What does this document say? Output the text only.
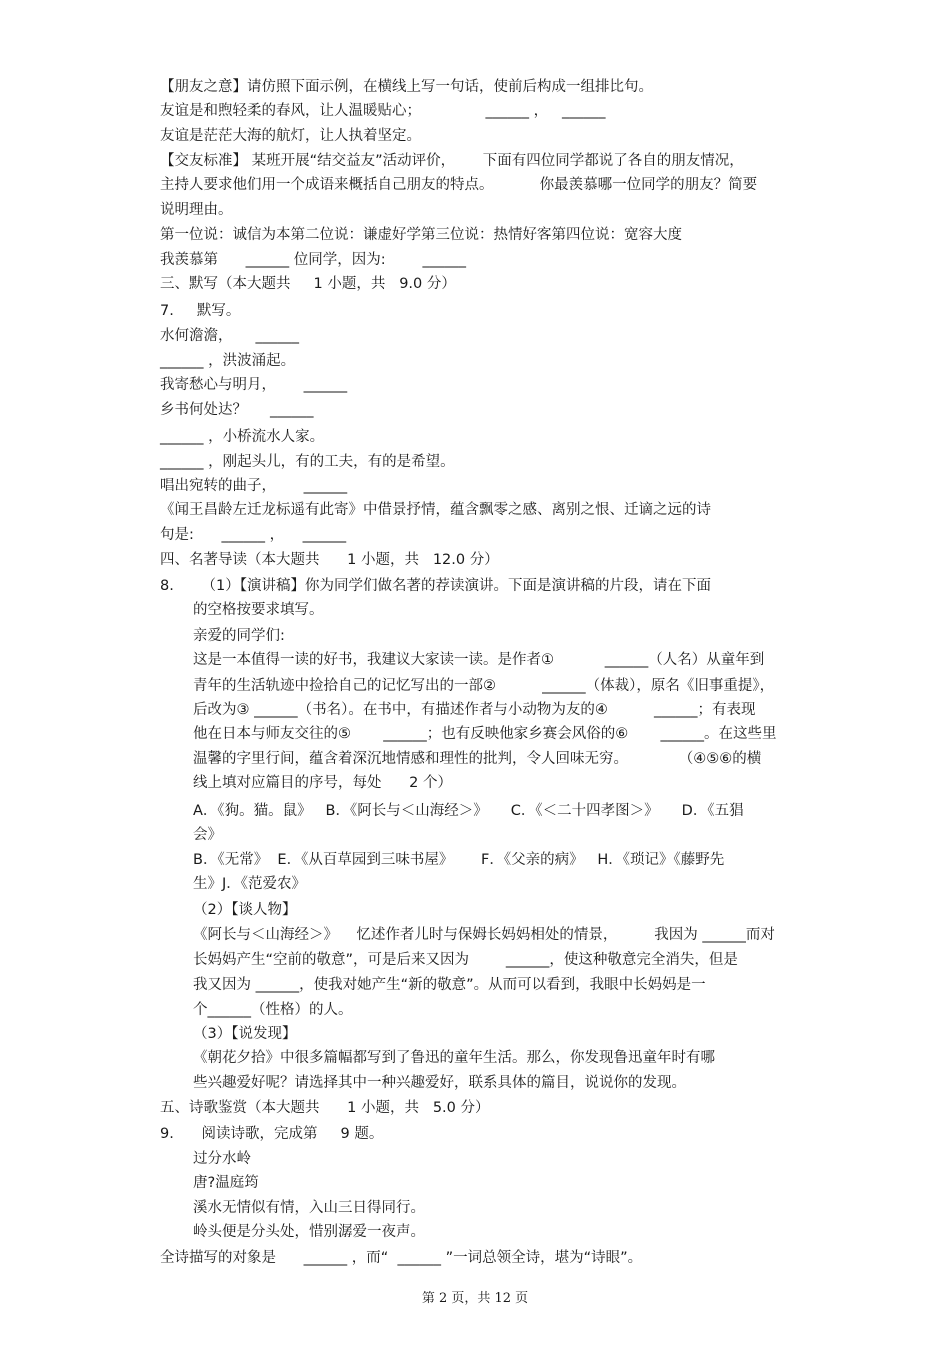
【朋友之意】请仿照下面示例，在横线上写一句话，使前后构成一组排比句。
友谊是和煦轻柔的春风，让人温暖贴心；              ______ ，   ______
友谊是茫茫大海的航灯，让人执着坚定。
【交友标准】 某班开展“结交益友”活动评价，      下面有四位同学都说了各自的朋友情况，
主持人要求他们用一个成语来概括自己朋友的特点。          你最羡慕哪一位同学的朋友？简要
说明理由。
第一位说：诚信为本第二位说：谦虚好学第三位说：热情好客第四位说：宽容大度
我羡慕第      ______ 位同学，因为:        ______
三、默写（本大题共     1 小题，共   9.0 分）
7.     默写。
水何澹澹，     ______
______ ，洪波涌起。
我寄愁心与明月，      ______
乡书何处达？     ______
______ ，小桥流水人家。
______ ，刚起头儿，有的工夫，有的是希望。
唱出宛转的曲子，      ______
《闻王昌龄左迁龙标遥有此寄》中借景抒情，蕴含飘零之感、离别之恨、迁谪之远的诗
句是:      ______ ，    ______
四、名著导读（本大题共      1 小题，共   12.0 分）
8.      （1）【演讲稿】你为同学们做名著的荐读演讲。下面是演讲稿的片段，请在下面
的空格按要求填写。
亲爱的同学们:
这是一本值得一读的好书，我建议大家读一读。是作者①           ______（人名）从童年到
青年的生活轨迹中捡拾自己的记忆写出的一部②          ______（体裁），原名《旧事重提》，
后改为③ ______（书名）。在书中，有描述作者与小动物为友的④          ______；有表现
他在日本与师友交往的⑤       ______；也有反映他家乡赛会风俗的⑥       ______。在这些里
温馨的字里行间，蕴含着深沉地情感和理性的批判，令人回味无穷。           （④⑤⑥的横
线上填对应篇目的序号，每处      2 个）
A．《狗。猫。鼠》   B．《阿长与＜山海经＞》     C．《＜二十四孝图＞》     D．《五猖
会》
B．《无常》  E．《从百草园到三味书屋》      F．《父亲的病》   H．《琐记》《藤野先
生》J．《范爱农》
（2）【谈人物】
《阿长与＜山海经＞》    忆述作者儿时与保姆长妈妈相处的情景，        我因为 ______而对
长妈妈产生“空前的敬意”，可是后来又因为        ______，使这种敬意完全消失，但是
我又因为 ______，使我对她产生“新的敬意”。从而可以看到，我眼中长妈妈是一
个______（性格）的人。
（3）【说发现】
《朝花夕拾》中很多篇幅都写到了鲁迅的童年生活。那么，你发现鲁迅童年时有哪
些兴趣爱好呢？请选择其中一种兴趣爱好，联系具体的篇目，说说你的发现。
五、诗歌鉴赏（本大题共      1 小题，共   5.0 分）
9.      阅读诗歌，完成第     9 题。
过分水岭
唐?温庭筠
溪水无情似有情，入山三日得同行。
岭头便是分头处，惜别潺爱一夜声。
全诗描写的对象是      ______ ，而“  ______ ”一词总领全诗，堪为“诗眼”。
第 2 页，共 12 页
